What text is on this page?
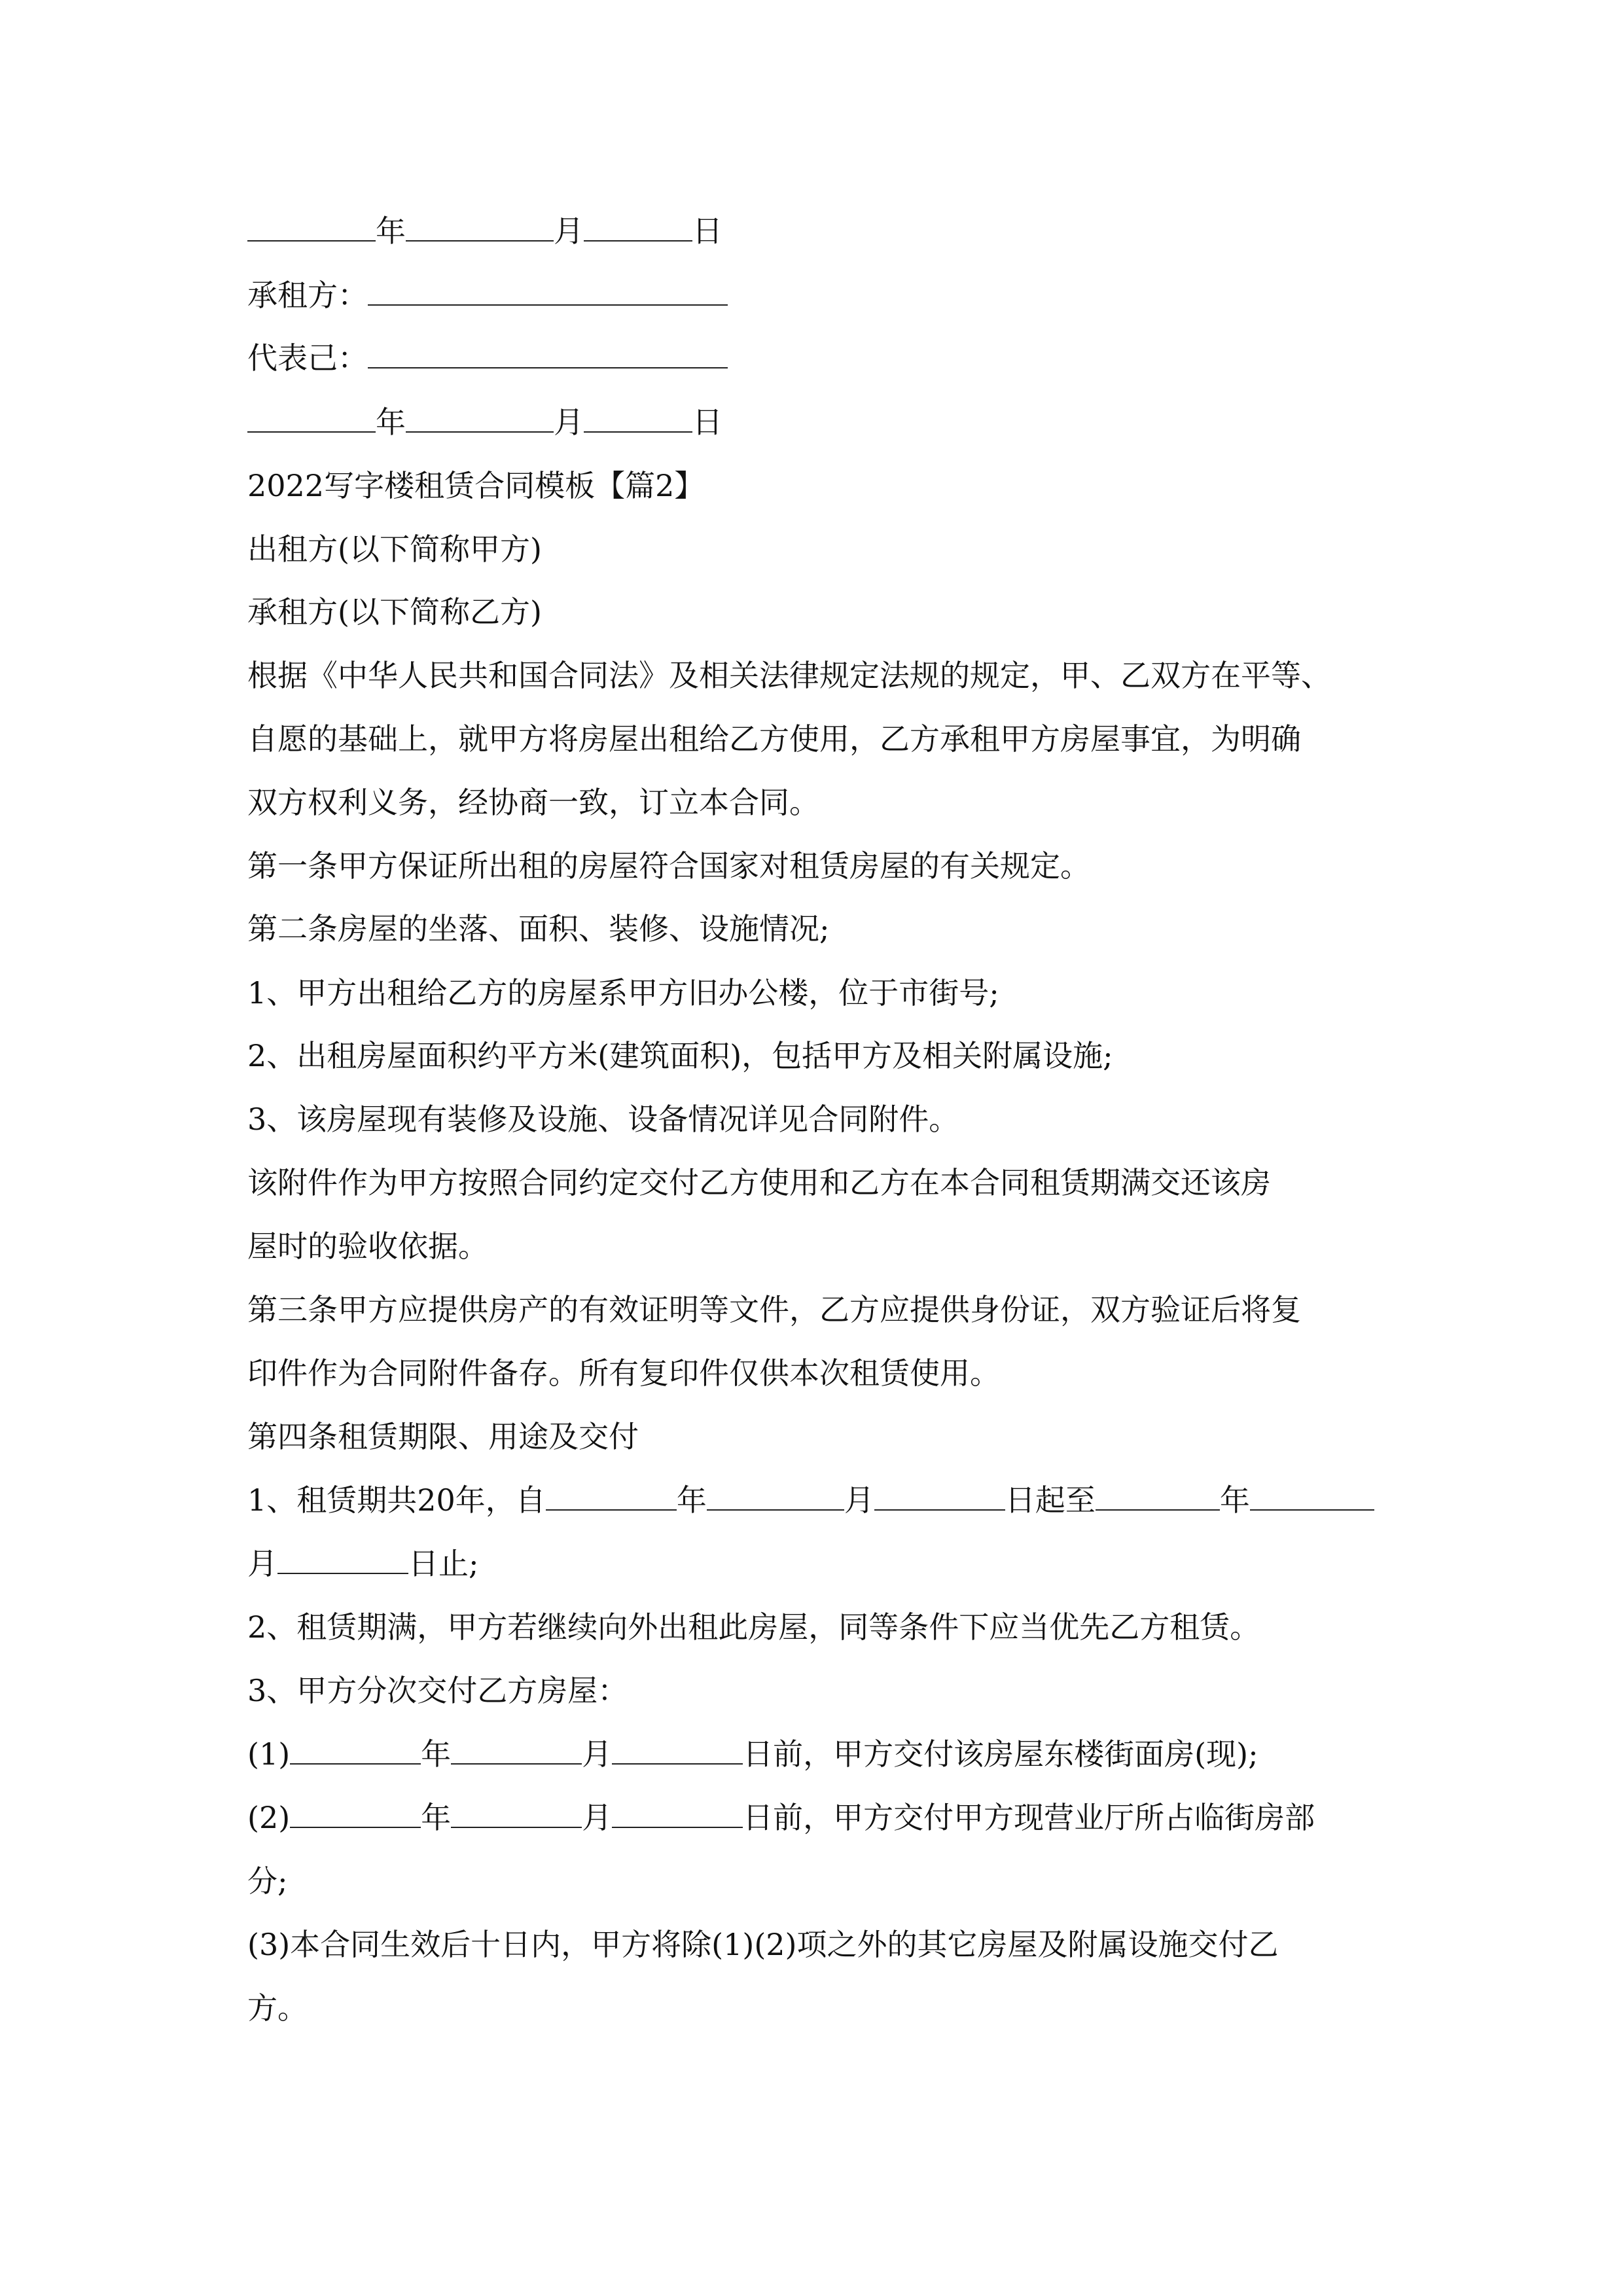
年	月	日
承租方：
代表己：
年	月	日
2022写字楼租赁合同模板【篇2】
出租方(以下简称甲方)
承租方(以下简称乙方)
根据《中华人民共和国合同法》及相关法律规定法规的规定，甲、乙双方在平等、
自愿的基础上，就甲方将房屋出租给乙方使用，乙方承租甲方房屋事宜，为明确
双方权利义务，经协商一致，订立本合同。
第一条甲方保证所出租的房屋符合国家对租赁房屋的有关规定。
第二条房屋的坐落、面积、装修、设施情况;
1、甲方出租给乙方的房屋系甲方旧办公楼，位于市街号;
2、出租房屋面积约平方米(建筑面积)，包括甲方及相关附属设施;
3、该房屋现有装修及设施、设备情况详见合同附件。
该附件作为甲方按照合同约定交付乙方使用和乙方在本合同租赁期满交还该房
屋时的验收依据。
第三条甲方应提供房产的有效证明等文件，乙方应提供身份证，双方验证后将复
印件作为合同附件备存。所有复印件仅供本次租赁使用。
第四条租赁期限、用途及交付
1、租赁期共20年，自	年	月	日起至	年
月	日止;
2、租赁期满，甲方若继续向外出租此房屋，同等条件下应当优先乙方租赁。
3、甲方分次交付乙方房屋：
(1)	年	月	日前，甲方交付该房屋东楼街面房(现);
(2)	年	月	日前，甲方交付甲方现营业厅所占临街房部
分;
(3)本合同生效后十日内，甲方将除(1)(2)项之外的其它房屋及附属设施交付乙
方。
